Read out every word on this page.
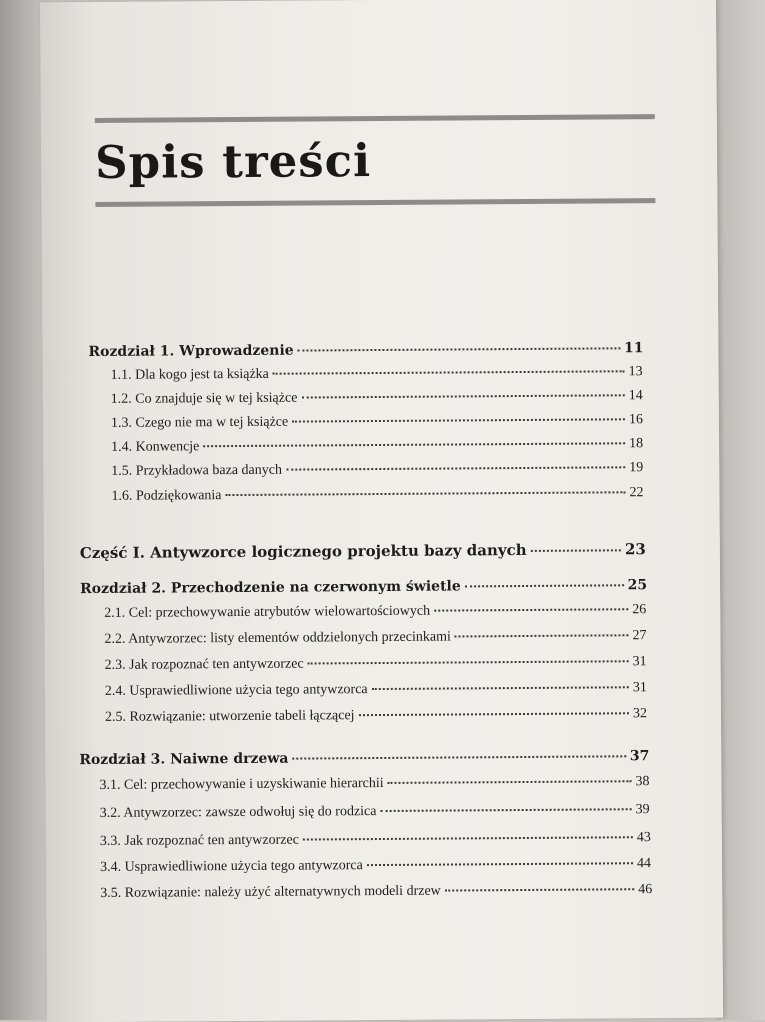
Spis treści
Rozdział 1. Wprowadzenie	11
1.1. Dla kogo jest ta książka	13
1.2. Co znajduje się w tej książce	14
1.3. Czego nie ma w tej książce	16
1.4. Konwencje	18
1.5. Przykładowa baza danych	19
1.6. Podziękowania	22
Część I. Antywzorce logicznego projektu bazy danych	23
Rozdział 2. Przechodzenie na czerwonym świetle	25
2.1. Cel: przechowywanie atrybutów wielowartościowych	26
2.2. Antywzorzec: listy elementów oddzielonych przecinkami	27
2.3. Jak rozpoznać ten antywzorzec	31
2.4. Usprawiedliwione użycia tego antywzorca	31
2.5. Rozwiązanie: utworzenie tabeli łączącej	32
Rozdział 3. Naiwne drzewa	37
3.1. Cel: przechowywanie i uzyskiwanie hierarchii	38
3.2. Antywzorzec: zawsze odwołuj się do rodzica	39
3.3. Jak rozpoznać ten antywzorzec	43
3.4. Usprawiedliwione użycia tego antywzorca	44
3.5. Rozwiązanie: należy użyć alternatywnych modeli drzew	46
